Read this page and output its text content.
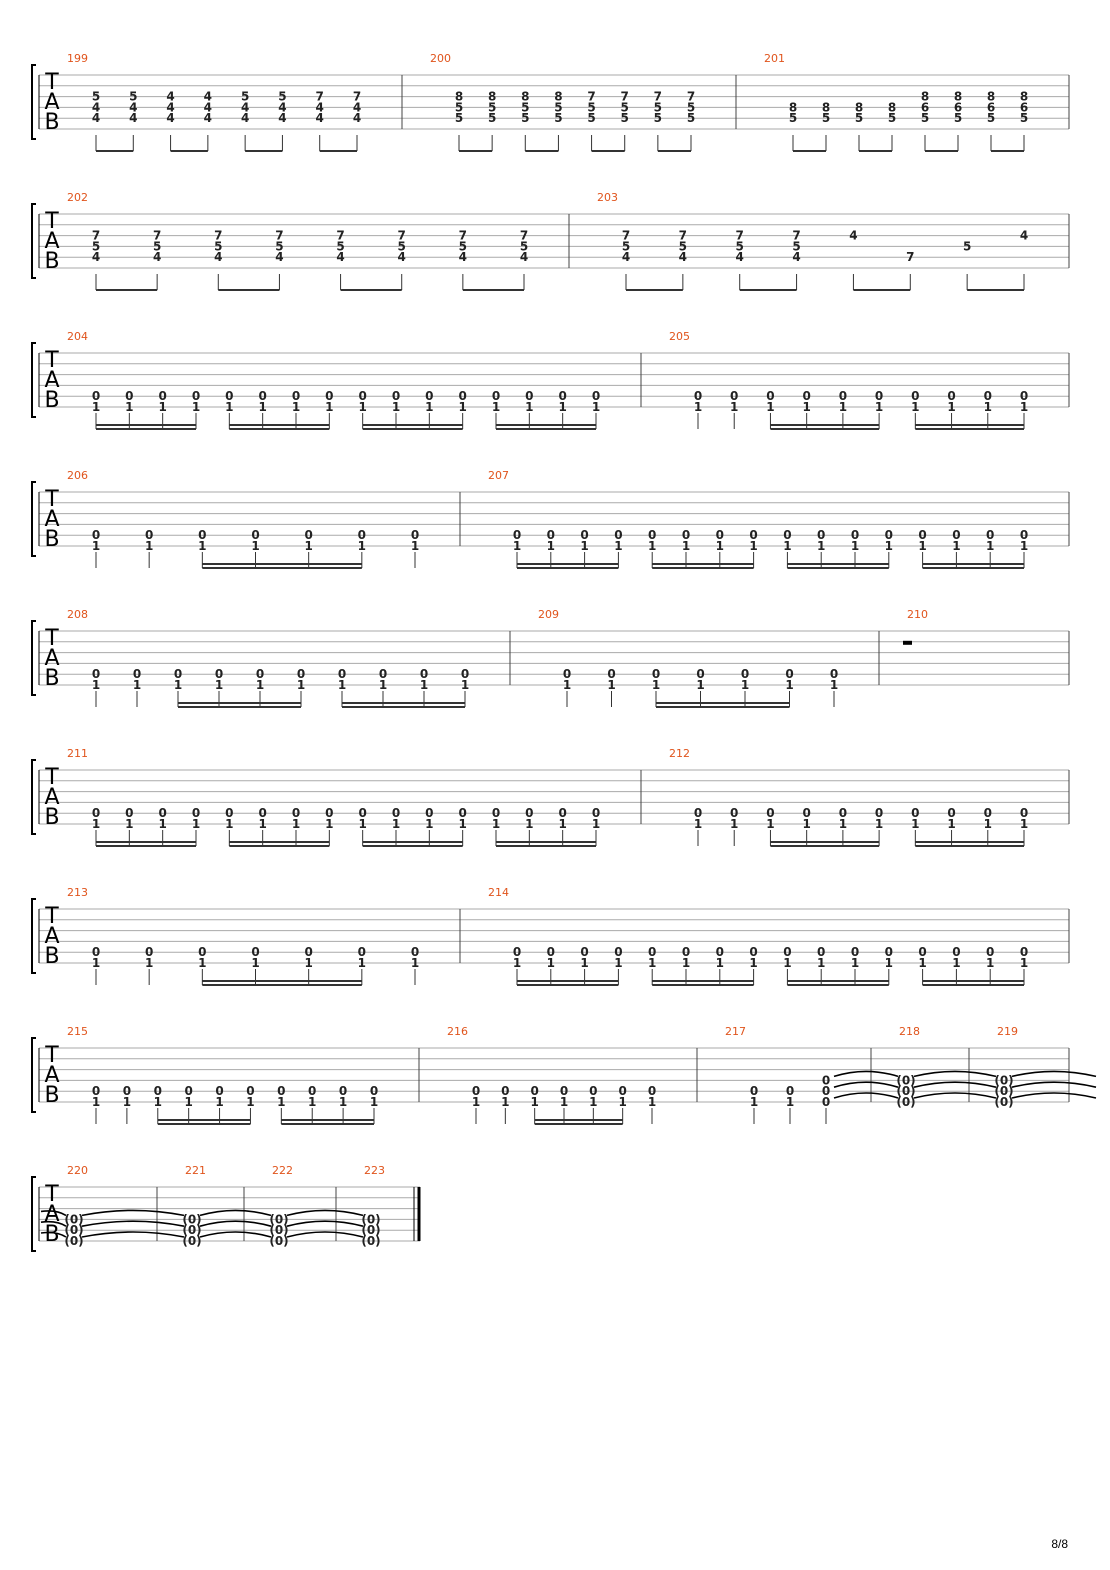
T
A
B
199
5
4
4
5
4
4
4
4
4
4
4
4
5
4
4
5
4
4
7
4
4
7
4
4
200
8
5
5
8
5
5
8
5
5
8
5
5
7
5
5
7
5
5
7
5
5
7
5
5
201
8
5
8
5
8
5
8
5
8
6
5
8
6
5
8
6
5
8
6
5
T
A
B
202
7
5
4
7
5
4
7
5
4
7
5
4
7
5
4
7
5
4
7
5
4
7
5
4
203
7
5
4
7
5
4
7
5
4
7
5
4
4
7
5
4
T
A
B
204
0
1
0
1
0
1
0
1
0
1
0
1
0
1
0
1
0
1
0
1
0
1
0
1
0
1
0
1
0
1
0
1
205
0
1
0
1
0
1
0
1
0
1
0
1
0
1
0
1
0
1
0
1
T
A
B
206
0
1
0
1
0
1
0
1
0
1
0
1
0
1
207
0
1
0
1
0
1
0
1
0
1
0
1
0
1
0
1
0
1
0
1
0
1
0
1
0
1
0
1
0
1
0
1
T
A
B
208
0
1
0
1
0
1
0
1
0
1
0
1
0
1
0
1
0
1
0
1
209
0
1
0
1
0
1
0
1
0
1
0
1
0
1
210
T
A
B
211
0
1
0
1
0
1
0
1
0
1
0
1
0
1
0
1
0
1
0
1
0
1
0
1
0
1
0
1
0
1
0
1
212
0
1
0
1
0
1
0
1
0
1
0
1
0
1
0
1
0
1
0
1
T
A
B
213
0
1
0
1
0
1
0
1
0
1
0
1
0
1
214
0
1
0
1
0
1
0
1
0
1
0
1
0
1
0
1
0
1
0
1
0
1
0
1
0
1
0
1
0
1
0
1
T
A
B
215
0
1
0
1
0
1
0
1
0
1
0
1
0
1
0
1
0
1
0
1
216
0
1
0
1
0
1
0
1
0
1
0
1
0
1
217
0
1
0
1
0
0
0
218
(0)
(0)
(0)
219
(0)
(0)
(0)
T
A
B
220
(0)
(0)
(0)
221
(0)
(0)
(0)
222
(0)
(0)
(0)
223
(0)
(0)
(0)
8/8
